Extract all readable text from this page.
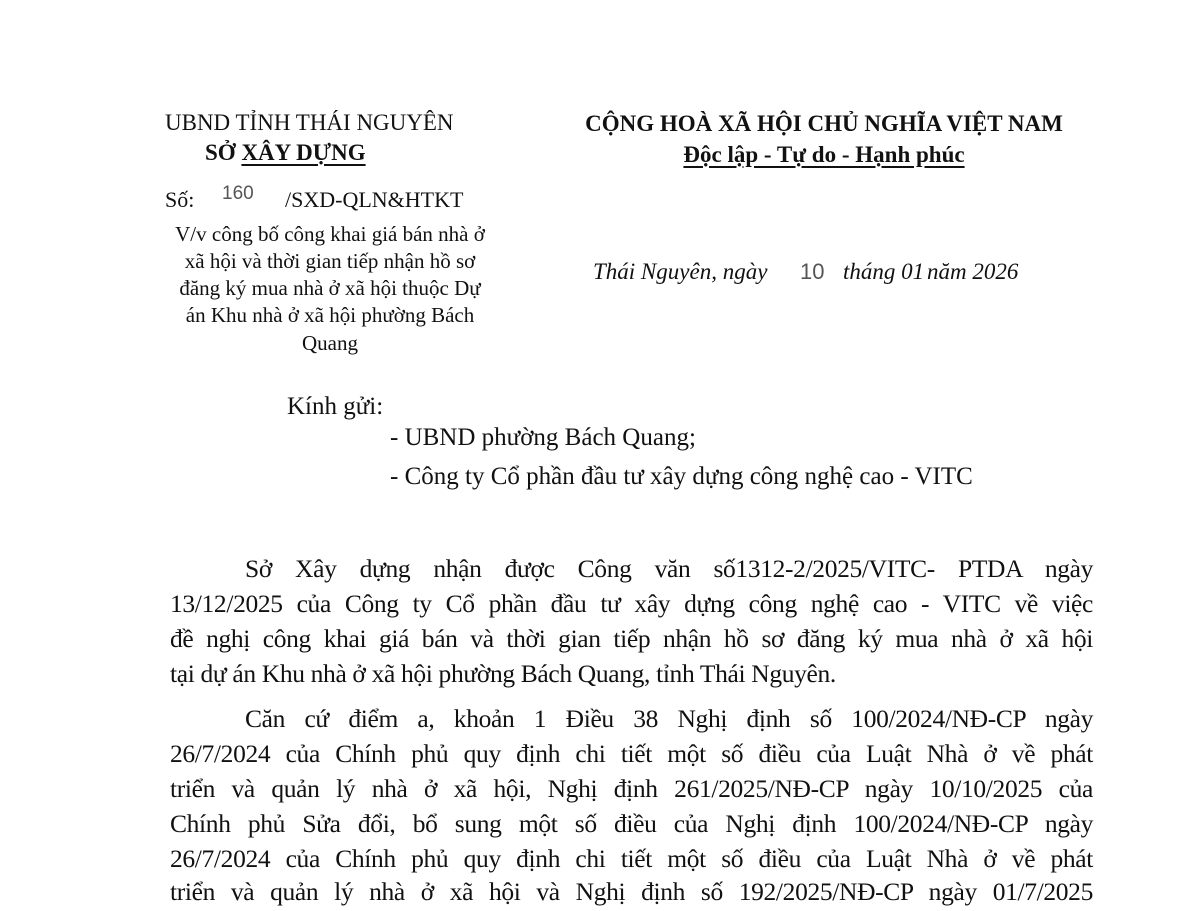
UBND TỈNH THÁI NGUYÊN
SỞ XÂY DỰNG
Số: 160 /SXD-QLN&HTKT
V/v công bố công khai giá bán nhà ở
xã hội và thời gian tiếp nhận hồ sơ
đăng ký mua nhà ở xã hội thuộc Dự
án Khu nhà ở xã hội phường Bách
Quang
CỘNG HOÀ XÃ HỘI CHỦ NGHĨA VIỆT NAM
Độc lập - Tự do - Hạnh phúc
Thái Nguyên, ngày 10 tháng 01 năm 2026
Kính gửi:
- UBND phường Bách Quang;
- Công ty Cổ phần đầu tư xây dựng công nghệ cao - VITC
Sở Xây dựng nhận được Công văn số1312-2/2025/VITC- PTDA ngày
13/12/2025 của Công ty Cổ phần đầu tư xây dựng công nghệ cao - VITC về việc
đề nghị công khai giá bán và thời gian tiếp nhận hồ sơ đăng ký mua nhà ở xã hội
tại dự án Khu nhà ở xã hội phường Bách Quang, tỉnh Thái Nguyên.
Căn cứ điểm a, khoản 1 Điều 38 Nghị định số 100/2024/NĐ-CP ngày
26/7/2024 của Chính phủ quy định chi tiết một số điều của Luật Nhà ở về phát
triển và quản lý nhà ở xã hội, Nghị định 261/2025/NĐ-CP ngày 10/10/2025 của
Chính phủ Sửa đổi, bổ sung một số điều của Nghị định 100/2024/NĐ-CP ngày
26/7/2024 của Chính phủ quy định chi tiết một số điều của Luật Nhà ở về phát
triển và quản lý nhà ở xã hội và Nghị định số 192/2025/NĐ-CP ngày 01/7/2025
